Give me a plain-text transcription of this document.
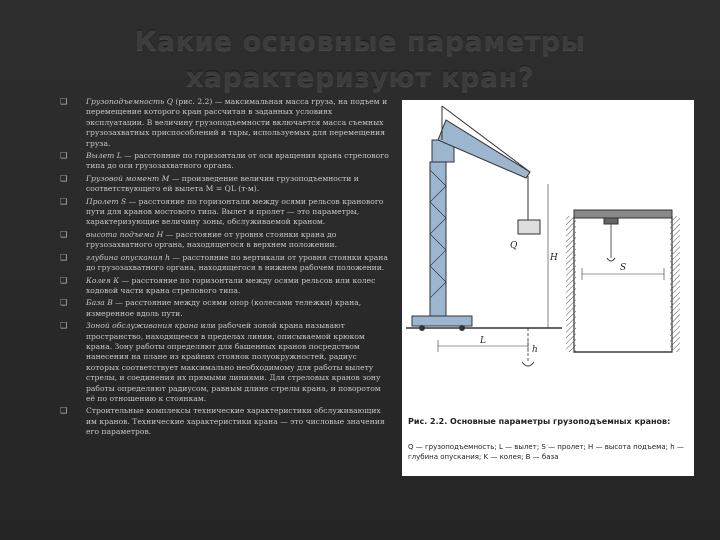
Какие основные параметры характеризуют кран?
❑ Грузоподъемность Q (рис. 2.2) — максимальная масса груза, на подъем и перемещение которого кран рассчитан в заданных условиях эксплуатации. В величину грузоподъемности включается масса съемных грузозахватных приспособлений и тары, используемых для перемещения груза.
❑ Вылет L — расстояние по горизонтали от оси вращения крана стрелового типа до оси грузозахватного органа.
❑ Грузовой момент М — произведение величин грузоподъемности и соответствующего ей вылета М = QL (т·м).
❑ Пролет S — расстояние по горизонтали между осями рельсов кранового пути для кранов мостового типа. Вылет и пролет — это параметры, характеризующие величину зоны, обслуживаемой краном.
❑ высота подъема Н — расстояние от уровня стоянки крана до грузозахватного органа, находящегося в верхнем положении.
❑ глубина опускания h — расстояние по вертикали от уровня стоянки крана до грузозахватного органа, находящегося в нижнем рабочем положении.
❑ Колея К — расстояние по горизонтали между осями рельсов или колес ходовой части крана стрелового типа.
❑ База В — расстояние между осями опор (колесами тележки) крана, измеренное вдоль пути.
❑ Зоной обслуживания крана или рабочей зоной крана называют пространство, находящееся в пределах линии, описываемой крюком крана. Зону работы определяют для башенных кранов посредством нанесения на плане из крайних стоянок полуокружностей, радиус которых соответствует максимально необходимому для работы вылету стрелы, и соединения их прямыми линиями. Для стреловых кранов зону работы определяют радиусом, равным длине стрелы крана, и поворотом её по отношению к стоянкам.
❑ Строительные комплексы технические характеристики обслуживающих им кранов. Технические характеристики крана — это числовые значения его параметров.
Q
H
h
L
S
Рис. 2.2. Основные параметры грузоподъемных кранов:
Q — грузоподъемность; L — вылет; S — пролет; H — высота подъема; h — глубина опускания; K — колея; B — база
